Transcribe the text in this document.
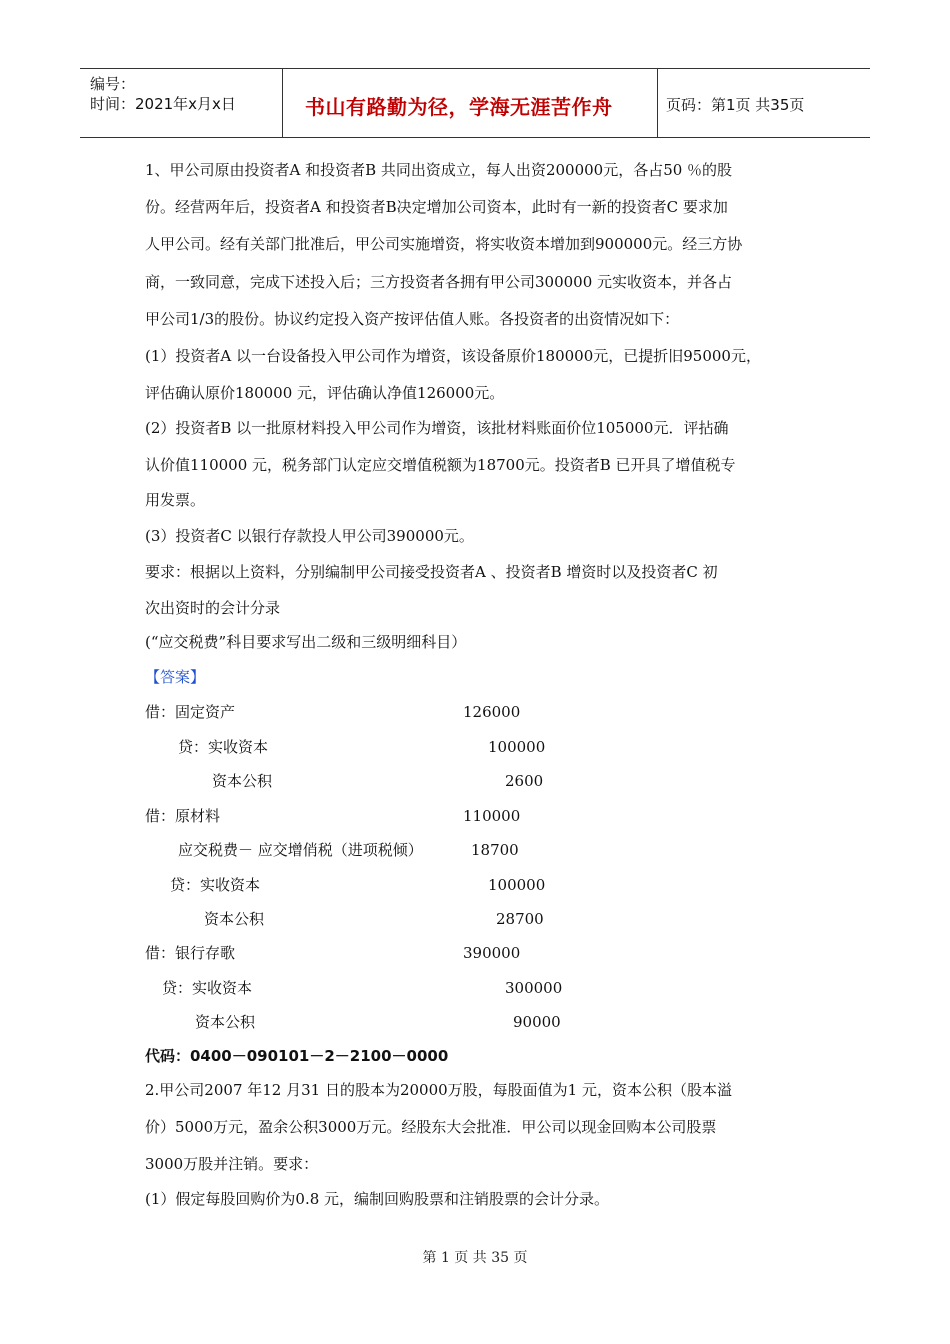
编号：
时间：2021年x月x日	书山有路勤为径，学海无涯苦作舟	页码：第1页 共35页
1、甲公司原由投资者A 和投资者B 共同出资成立，每人出资200000元，各占50 ％的股
份。经营两年后，投资者A 和投资者B决定增加公司资本，此时有一新的投资者C 要求加
人甲公司。经有关部门批准后，甲公司实施增资，将实收资本增加到900000元。经三方协
商，一致同意，完成下述投入后；三方投资者各拥有甲公司300000 元实收资本，并各占
甲公司1/3的股份。协议约定投入资产按评估值人账。各投资者的出资情况如下：
(1）投资者A 以一台设备投入甲公司作为增资，该设备原价180000元，已提折旧95000元，
评估确认原价180000 元，评估确认净值126000元。
(2）投资者B 以一批原材料投入甲公司作为增资，该批材料账面价位105000元．评拈确
认价值110000 元，税务部门认定应交增值税额为18700元。投资者B 已开具了增值税专
用发票。
(3）投资者C 以银行存款投人甲公司390000元。
要求：根据以上资料，分别编制甲公司接受投资者A 、投资者B 增资时以及投资者C 初
次出资时的会计分录
(“应交税费”科目要求写出二级和三级明细科目）
【答案】
借：固定资产	126000
贷：实收资本	100000
资本公积	2600
借：原材料	110000
应交税费－ 应交增俏税（进项税倾）	18700
贷：实收资本	100000
资本公积	28700
借：银行存歌	390000
贷：实收资本	300000
资本公积	90000
代码：0400－090101－2－2100－0000
2.甲公司2007 年12 月31 日的股本为20000万股，每股面值为1 元，资本公积（股本溢
价）5000万元，盈余公积3000万元。经股东大会批准．甲公司以现金回购本公司股票
3000万股并注销。要求：
(1）假定每股回购价为0.8 元，编制回购股票和注销股票的会计分录。
第 1 页 共 35 页
